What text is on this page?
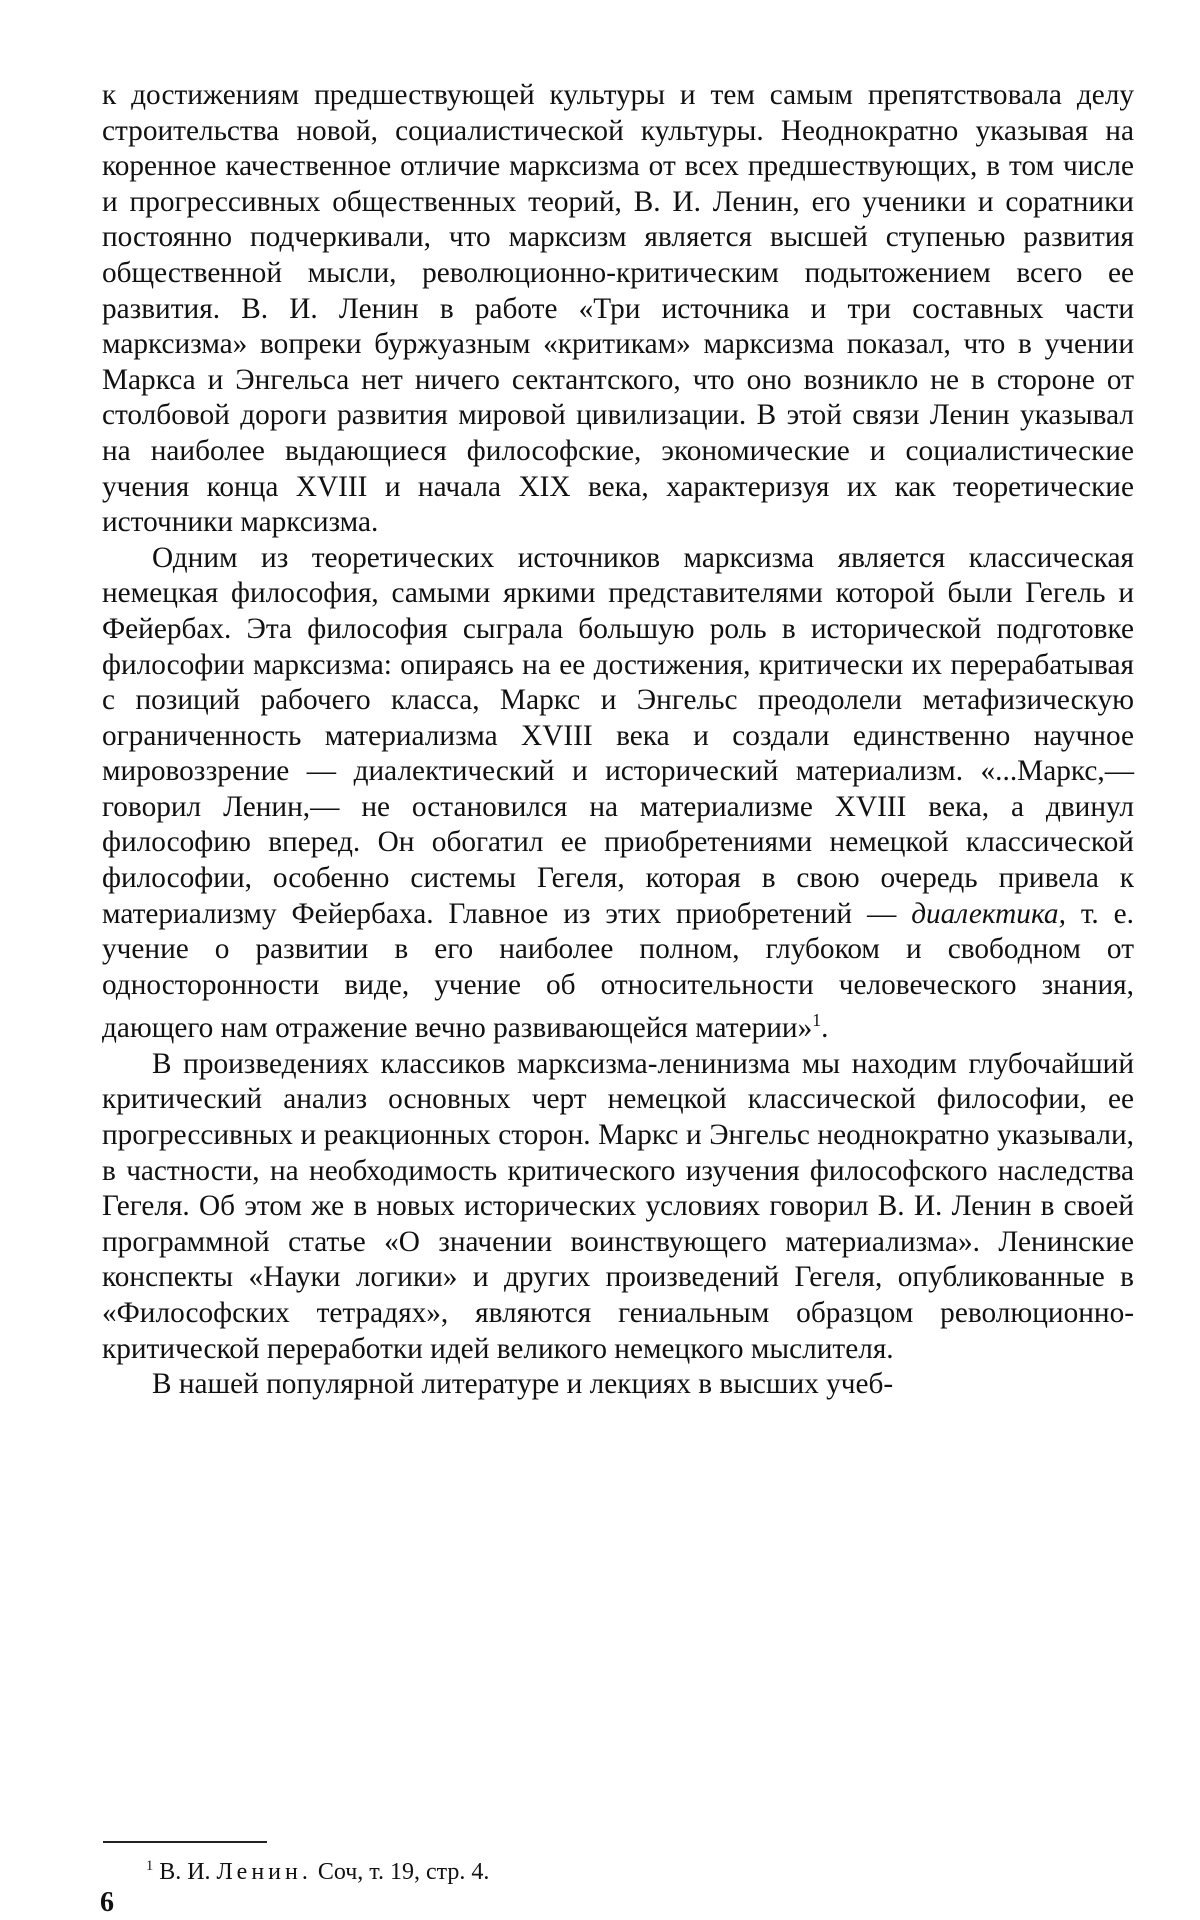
к достижениям предшествующей культуры и тем самым препятствовала делу строительства новой, социалистической культуры. Неоднократно указывая на коренное качественное отличие марксизма от всех предшествующих, в том числе и прогрессивных общественных теорий, В. И. Ленин, его ученики и соратники постоянно подчеркивали, что марксизм является высшей ступенью развития общественной мысли, революционно-критическим подытожением всего ее развития. В. И. Ленин в работе «Три источника и три составных части марксизма» вопреки буржуазным «критикам» марксизма показал, что в учении Маркса и Энгельса нет ничего сектантского, что оно возникло не в стороне от столбовой дороги развития мировой цивилизации. В этой связи Ленин указывал на наиболее выдающиеся философские, экономические и социалистические учения конца XVIII и начала XIX века, характеризуя их как теоретические источники марксизма.

Одним из теоретических источников марксизма является классическая немецкая философия, самыми яркими представителями которой были Гегель и Фейербах. Эта философия сыграла большую роль в исторической подготовке философии марксизма: опираясь на ее достижения, критически их перерабатывая с позиций рабочего класса, Маркс и Энгельс преодолели метафизическую ограниченность материализма XVIII века и создали единственно научное мировоззрение — диалектический и исторический материализм. «...Маркс,— говорил Ленин,— не остановился на материализме XVIII века, а двинул философию вперед. Он обогатил ее приобретениями немецкой классической философии, особенно системы Гегеля, которая в свою очередь привела к материализму Фейербаха. Главное из этих приобретений — диалектика, т. е. учение о развитии в его наиболее полном, глубоком и свободном от односторонности виде, учение об относительности человеческого знания, дающего нам отражение вечно развивающейся материи»$^1$.

В произведениях классиков марксизма-ленинизма мы находим глубочайший критический анализ основных черт немецкой классической философии, ее прогрессивных и реакционных сторон. Маркс и Энгельс неоднократно указывали, в частности, на необходимость критического изучения философского наследства Гегеля. Об этом же в новых исторических условиях говорил В. И. Ленин в своей программной статье «О значении воинствующего материализма». Ленинские конспекты «Науки логики» и других произведений Гегеля, опубликованные в «Философских тетрадях», являются гениальным образцом революционно-критической переработки идей великого немецкого мыслителя.

В нашей популярной литературе и лекциях в высших учеб-

$^1$ В. И. Ленин. Соч, т. 19, стр. 4.
6
